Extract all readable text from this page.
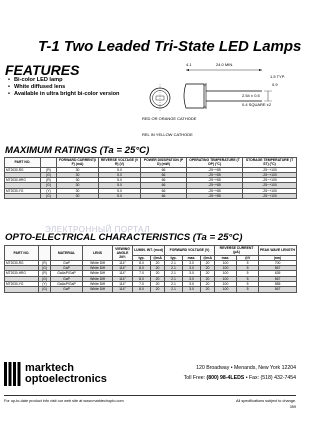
T-1 Two Leaded Tri-State LED Lamps
FEATURES
• Bi-color LED lamp
• White diffused lens
• Available in ultra bright bi-color version
4.1	24.0 MIN.
1.5 TYP.
0.9
2.54 ± 0.5
0.4 SQUARE ±2
RED OR ORANGE CATHODE
REL IN YELLOW CATHODE
MAXIMUM RATINGS (Ta = 25°C)
PART NO.		FORWARD CURRENT(I F) (mA)	REVERSE VOLTAGE (V R) (V)	POWER DISSIPATION (P D) (mW)	OPERATING TEMPERATURE (T OP) (°C)	STORAGE TEMPERATURE (T ST) (°C)
MT2030-RG	(R)	30	5.0	66	-25~+85	-25~+100
	(G)	30	5.0	66	-25~+85	-25~+100
MT2030-HRG	(R)	30	5.0	66	-25~+85	-25~+100
	(G)	30	5.0	66	-25~+85	-25~+100
MT2030-YG	(Y)	30	5.0	66	-25~+85	-25~+100
	(G)	30	5.0	66	-25~+85	-25~+100
ЭЛЕКТРОННЫЙ ПОРТАЛ
OPTO-ELECTRICAL CHARACTERISTICS (Ta = 25°C)
PART NO.		MATERIAL	LENS	VIEWING ANGLE 2θ½	LUMIN. INT. (mcd)		FORWARD VOLTAGE (V)			REVERSE CURRENT (µA)		PEAK WAVE LENGTH
					typ.	@mA	typ.	max.	@mA	max.	@V	(nm)
MT2030-RG	(R)	GaP	White Diff	114°	8.0	20	2.1	3.0	20	100	5	700
	(G)	GaP	White Diff	114°	8.0	20	2.1	3.0	20	100	5	567
MT2030-HRG	(R)	GaAsP/GaP	White Diff	114°	7.0	20	2.1	3.0	20	100	5	635
	(G)	GaP	White Diff	114°	8.0	20	2.1	3.0	20	100	5	567
MT2030-YG	(Y)	GaAsP/GaP	White Diff	114°	7.0	20	2.1	3.0	20	100	5	585
	(G)	GaP	White Diff	114°	8.0	20	2.1	3.0	20	100	5	567
marktech
optoelectronics
120 Broadway • Menands, New York 12204
Toll Free: (800) 98-4LEDS • Fax: (518) 432-7454
For up-to-date product info visit our web site at www.marktechopto.com	All specifications subject to change.
359
